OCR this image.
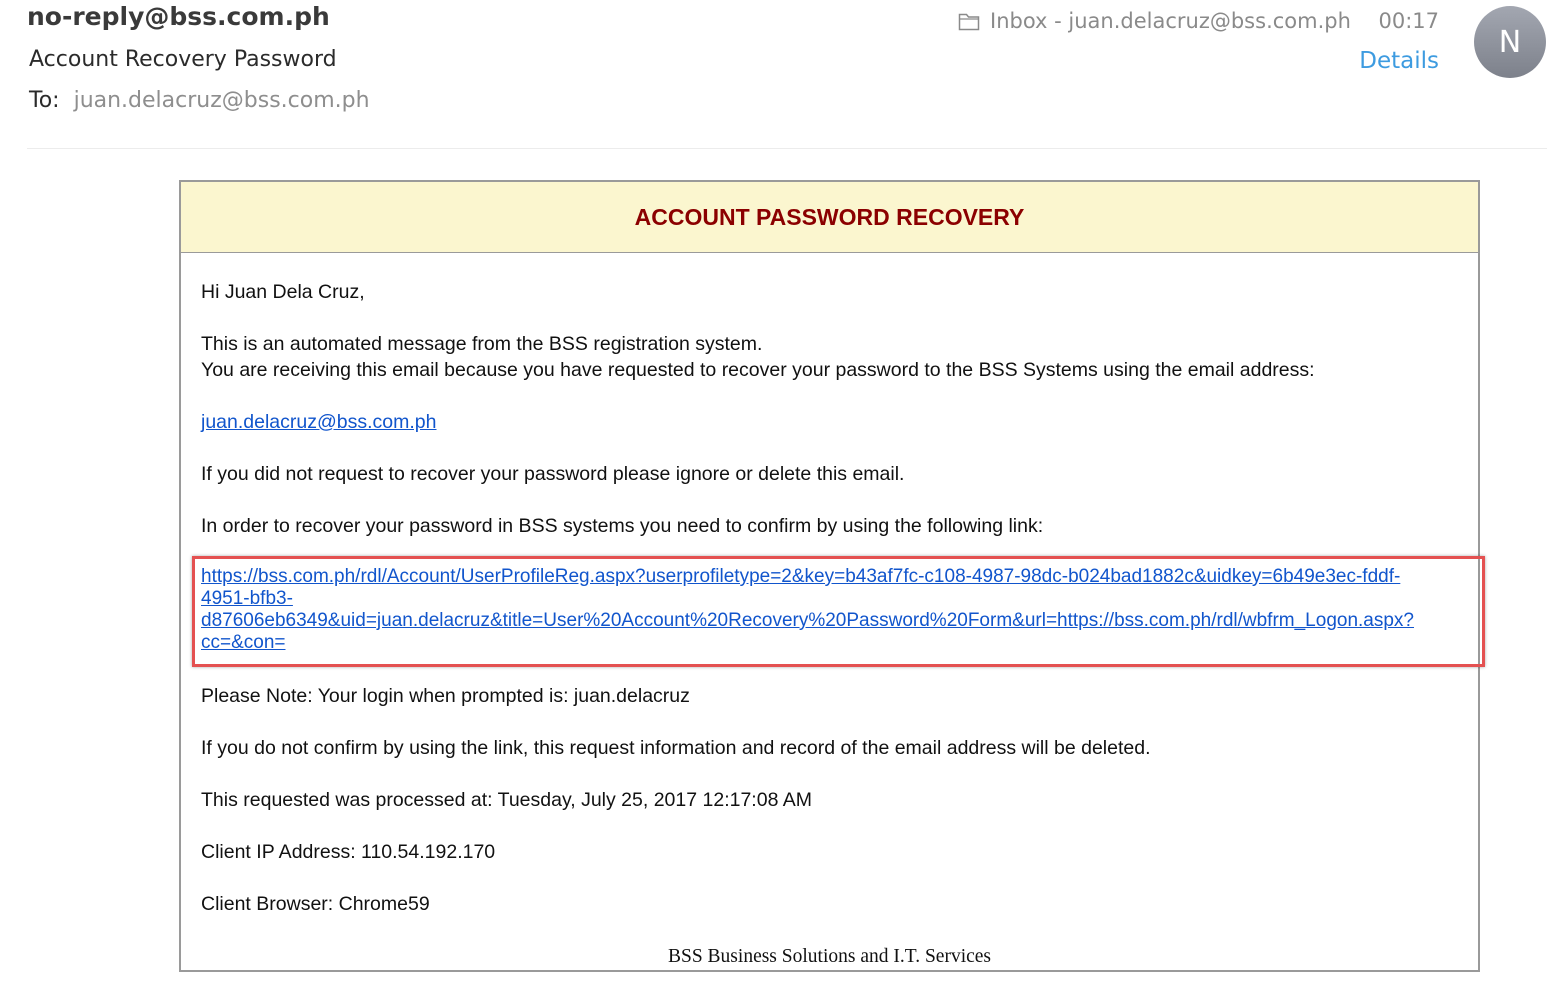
no-reply@bss.com.ph
Account Recovery Password
To: juan.delacruz@bss.com.ph
Inbox - juan.delacruz@bss.com.ph 00:17
Details
N
ACCOUNT PASSWORD RECOVERY
Hi Juan Dela Cruz,
This is an automated message from the BSS registration system.
You are receiving this email because you have requested to recover your password to the BSS Systems using the email address:
juan.delacruz@bss.com.ph
If you did not request to recover your password please ignore or delete this email.
In order to recover your password in BSS systems you need to confirm by using the following link:
https://bss.com.ph/rdl/Account/UserProfileReg.aspx?userprofiletype=2&key=b43af7fc-c108-4987-98dc-b024bad1882c&uidkey=6b49e3ec-fddf-
4951-bfb3-
d87606eb6349&uid=juan.delacruz&title=User%20Account%20Recovery%20Password%20Form&url=https://bss.com.ph/rdl/wbfrm_Logon.aspx?
cc=&con=
Please Note: Your login when prompted is: juan.delacruz
If you do not confirm by using the link, this request information and record of the email address will be deleted.
This requested was processed at: Tuesday, July 25, 2017 12:17:08 AM
Client IP Address: 110.54.192.170
Client Browser: Chrome59
BSS Business Solutions and I.T. Services
